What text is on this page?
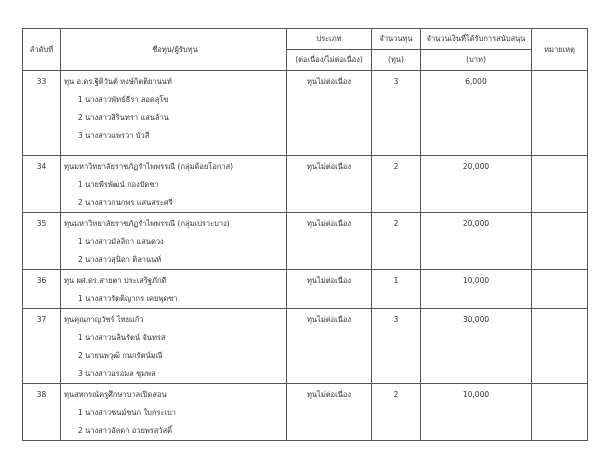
ลำดับที่	ชื่อทุน/ผู้รับทุน	ประเภท	จำนวนทุน	จำนวนเงินที่ได้รับการสนับสนุน	หมายเหตุ
		(ต่อเนื่อง/ไม่ต่อเนื่อง)	(ทุน)	(บาท)	

33	ทุน อ.ดร.ฐิติวันต์ หงษ์กิตติยานนท์
1 นางสาวพัทธ์ธีรา ลอดสุโข
2 นางสาวสิรินทรา แสนล้าน
3 นางสาวแพรวา บัวสี	ทุนไม่ต่อเนื่อง	3	6,000	

34	ทุนมหาวิทยาลัยราชภัฏรำไพพรรณี (กลุ่มด้อยโอกาส)
1 นายพีรพัฒน์ กองปัดชา
2 นางสาวกนกพร แสนสระศรี	ทุนไม่ต่อเนื่อง	2	20,000	

35	ทุนมหาวิทยาลัยราชภัฏรำไพพรรณี (กลุ่มเปราะบาง)
1 นางสาวมัลลิกา แสนดวง
2 นางสาวสุนิดา ติลานนท์	ทุนไม่ต่อเนื่อง	2	20,000	

36	ทุน ผศ.ดร.สายตา ประเสริฐภักดี
1 นางสาวรัตติญากร เคยพุดซา	ทุนไม่ต่อเนื่อง	1	10,000	

37	ทุนคุณกาญวัชร์ ไทยแก้ว
1 นางสาวนลินรัตน์ จันทรส
2 นายนพวุฒิ กนกรัตน์มณี
3 นางสาวอรอมล ชุมพล	ทุนไม่ต่อเนื่อง	3	30,000	

38	ทุนสหกรณ์ครูศึกษาบาลเปิดสอน
1 นางสาวชนม์ชนก ใบกระเบา
2 นางสาวอัลดา อวยพรสวัสดิ์	ทุนไม่ต่อเนื่อง	2	10,000	
